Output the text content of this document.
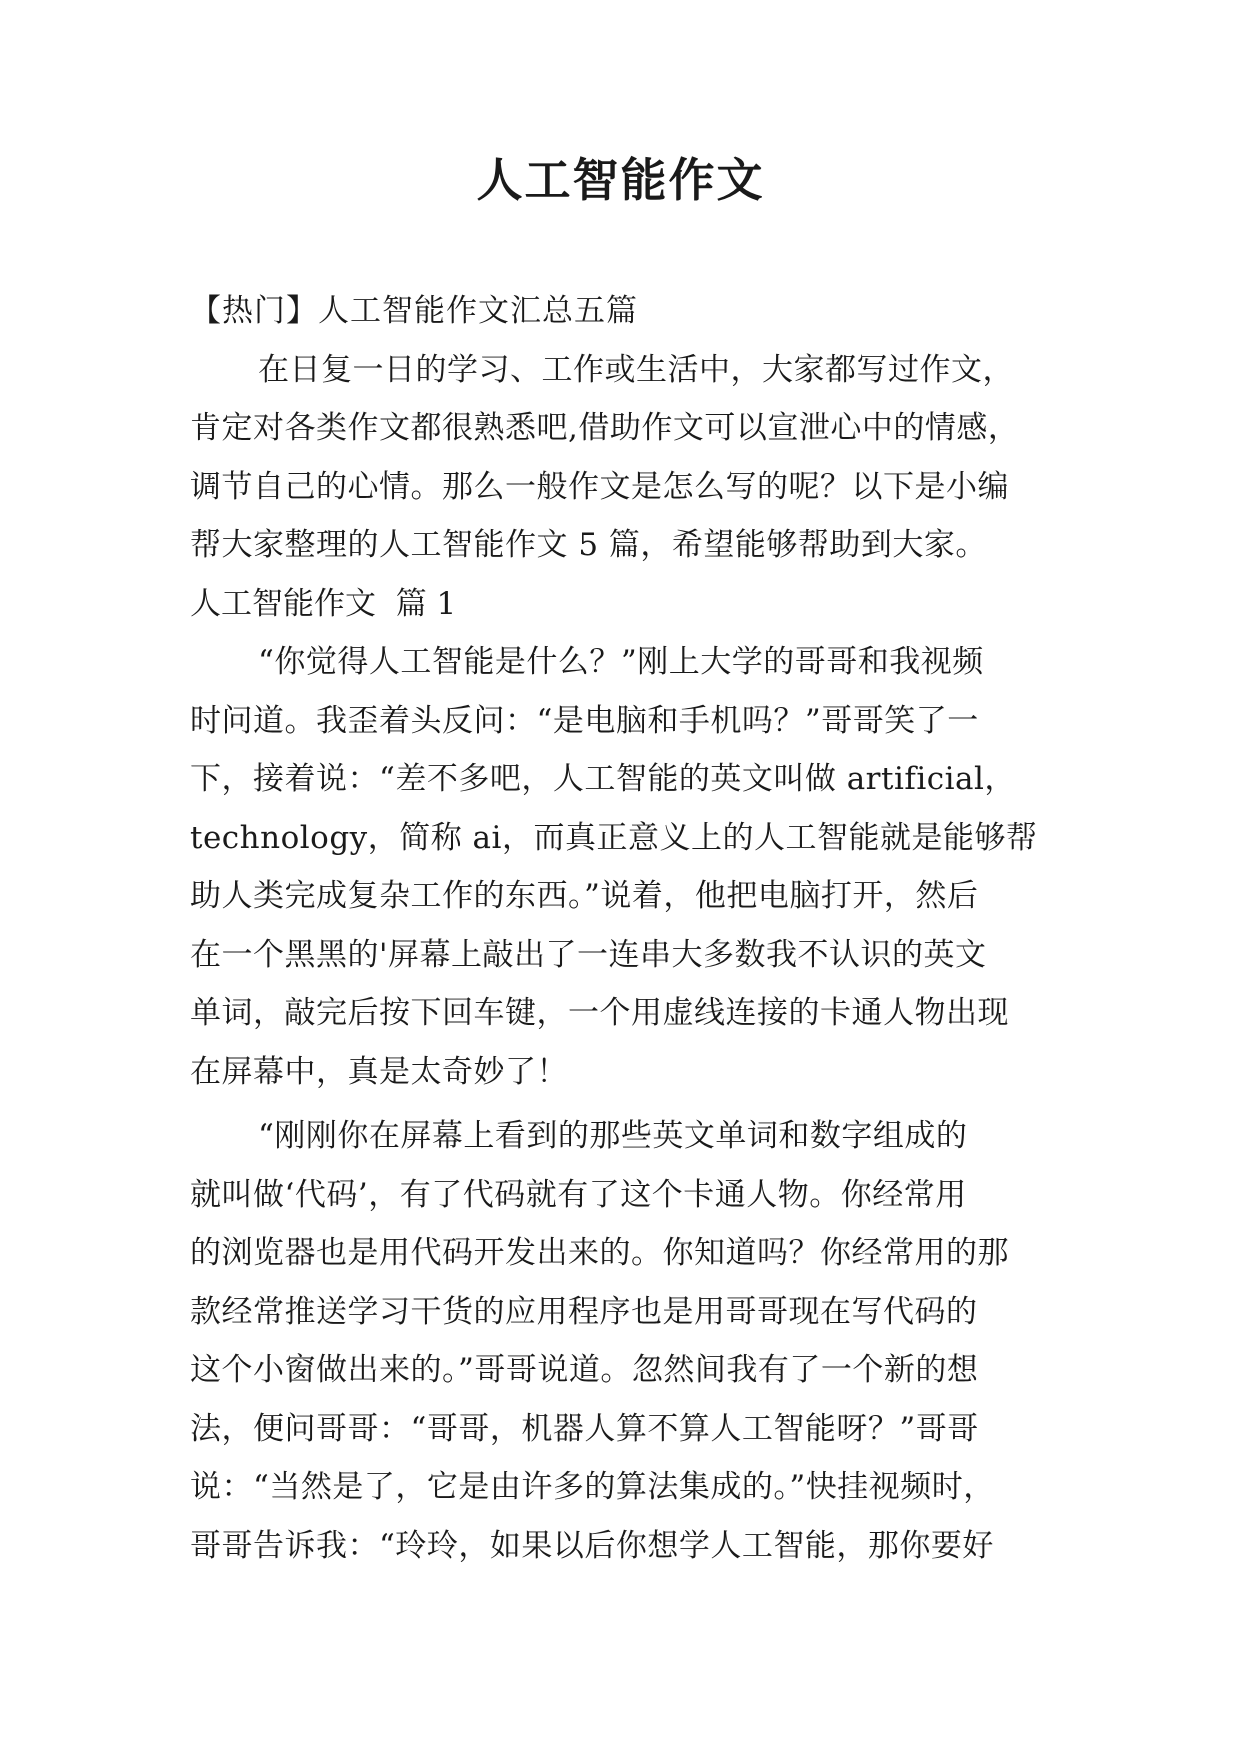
人工智能作文
【热门】人工智能作文汇总五篇
在日复一日的学习、工作或生活中，大家都写过作文，
肯定对各类作文都很熟悉吧,借助作文可以宣泄心中的情感，
调节自己的心情。那么一般作文是怎么写的呢？以下是小编
帮大家整理的人工智能作文 5 篇，希望能够帮助到大家。
人工智能作文  篇 1
“你觉得人工智能是什么？”刚上大学的哥哥和我视频
时问道。我歪着头反问：“是电脑和手机吗？”哥哥笑了一
下，接着说：“差不多吧，人工智能的英文叫做 artificial，
technology，简称 ai，而真正意义上的人工智能就是能够帮
助人类完成复杂工作的东西。”说着，他把电脑打开，然后
在一个黑黑的'屏幕上敲出了一连串大多数我不认识的英文
单词，敲完后按下回车键，一个用虚线连接的卡通人物出现
在屏幕中，真是太奇妙了！
“刚刚你在屏幕上看到的那些英文单词和数字组成的
就叫做‘代码’，有了代码就有了这个卡通人物。你经常用
的浏览器也是用代码开发出来的。你知道吗？你经常用的那
款经常推送学习干货的应用程序也是用哥哥现在写代码的
这个小窗做出来的。”哥哥说道。忽然间我有了一个新的想
法，便问哥哥：“哥哥，机器人算不算人工智能呀？”哥哥
说：“当然是了，它是由许多的算法集成的。”快挂视频时，
哥哥告诉我：“玲玲，如果以后你想学人工智能，那你要好
